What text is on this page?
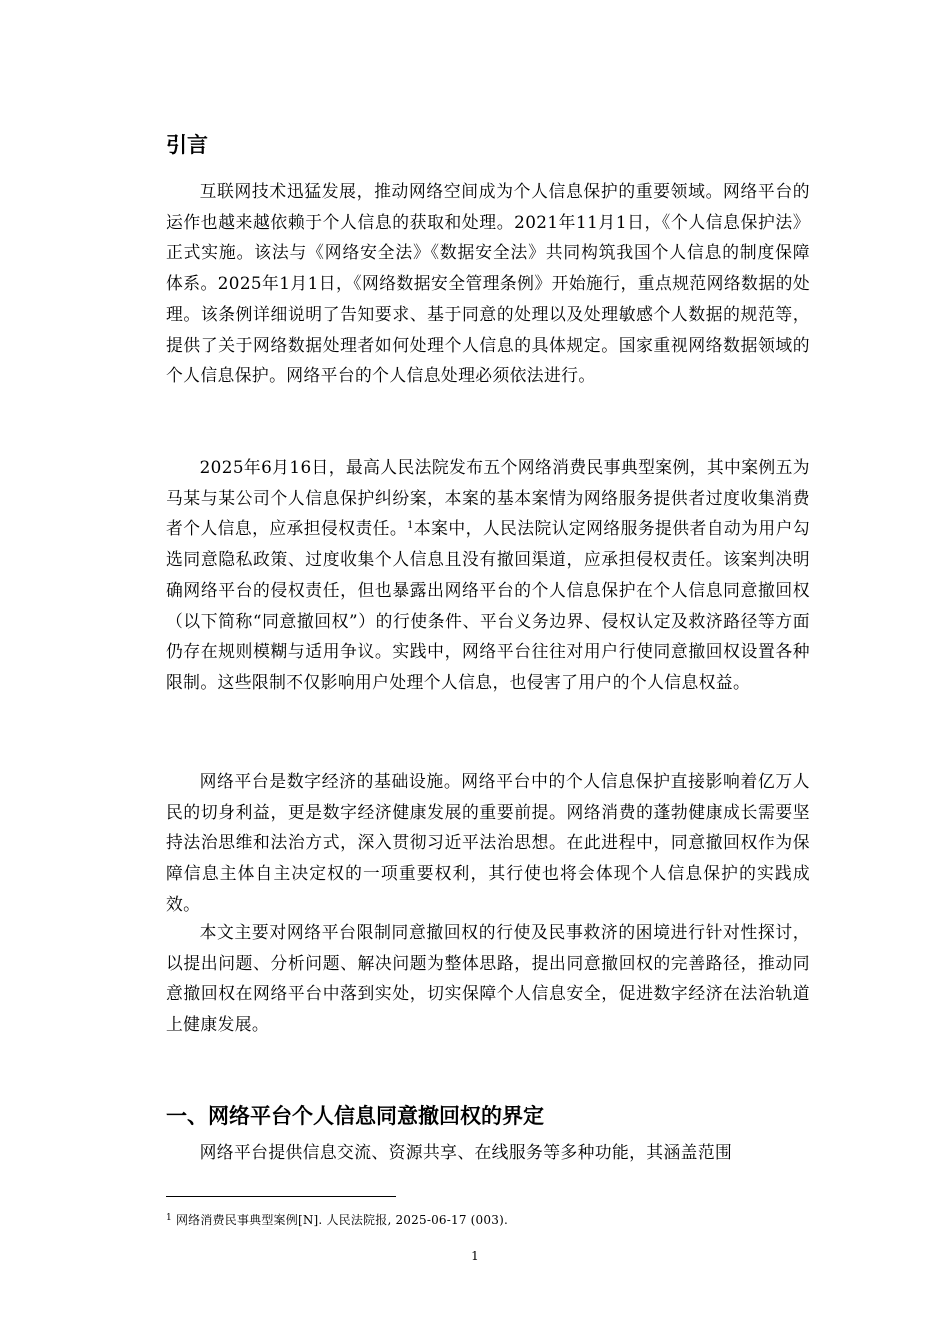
引言

互联网技术迅猛发展，推动网络空间成为个人信息保护的重要领域。网络平台的运作也越来越依赖于个人信息的获取和处理。2021年11月1日，《个人信息保护法》正式实施。该法与《网络安全法》《数据安全法》共同构筑我国个人信息的制度保障体系。2025年1月1日，《网络数据安全管理条例》开始施行，重点规范网络数据的处理。该条例详细说明了告知要求、基于同意的处理以及处理敏感个人数据的规范等，提供了关于网络数据处理者如何处理个人信息的具体规定。国家重视网络数据领域的个人信息保护。网络平台的个人信息处理必须依法进行。

2025年6月16日，最高人民法院发布五个网络消费民事典型案例，其中案例五为马某与某公司个人信息保护纠纷案，本案的基本案情为网络服务提供者过度收集消费者个人信息，应承担侵权责任。$^1$本案中，人民法院认定网络服务提供者自动为用户勾选同意隐私政策、过度收集个人信息且没有撤回渠道，应承担侵权责任。该案判决明确网络平台的侵权责任，但也暴露出网络平台的个人信息保护在个人信息同意撤回权（以下简称“同意撤回权”）的行使条件、平台义务边界、侵权认定及救济路径等方面仍存在规则模糊与适用争议。实践中，网络平台往往对用户行使同意撤回权设置各种限制。这些限制不仅影响用户处理个人信息，也侵害了用户的个人信息权益。

网络平台是数字经济的基础设施。网络平台中的个人信息保护直接影响着亿万人民的切身利益，更是数字经济健康发展的重要前提。网络消费的蓬勃健康成长需要坚持法治思维和法治方式，深入贯彻习近平法治思想。在此进程中，同意撤回权作为保障信息主体自主决定权的一项重要权利，其行使也将会体现个人信息保护的实践成效。

本文主要对网络平台限制同意撤回权的行使及民事救济的困境进行针对性探讨，以提出问题、分析问题、解决问题为整体思路，提出同意撤回权的完善路径，推动同意撤回权在网络平台中落到实处，切实保障个人信息安全，促进数字经济在法治轨道上健康发展。

一、网络平台个人信息同意撤回权的界定

网络平台提供信息交流、资源共享、在线服务等多种功能，其涵盖范围

$^1$ 网络消费民事典型案例[N]. 人民法院报, 2025-06-17 (003).

1
